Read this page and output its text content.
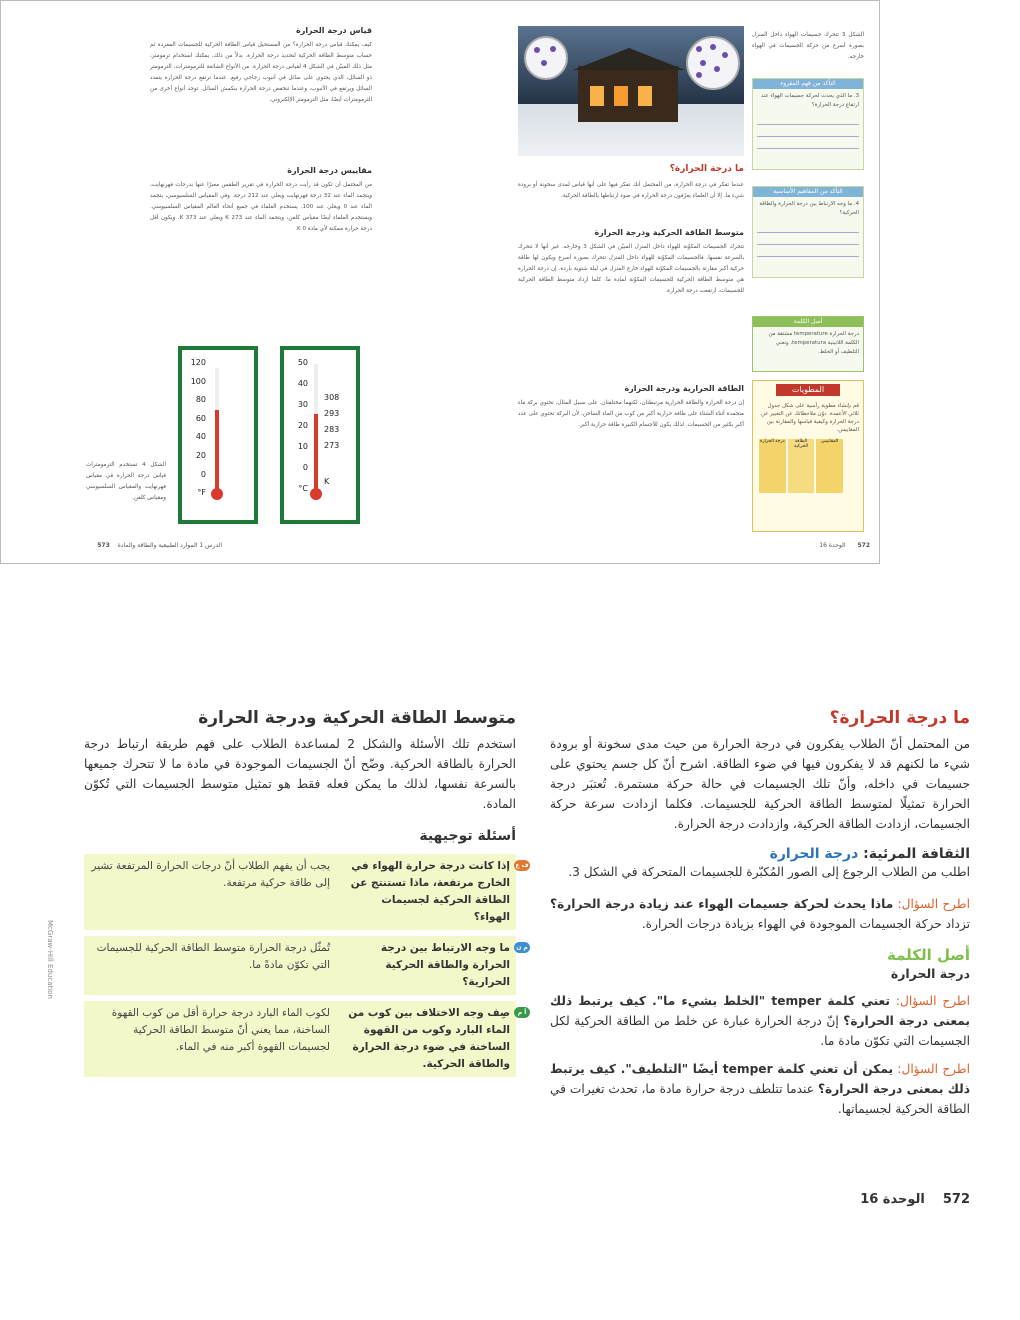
الشكل 3 تتحرك جسيمات الهواء داخل المنزل بصورة أسرع من حركة الجسيمات في الهواء خارجه.
التأكد من فهم المقروء
3. ما الذي يحدث لحركة جسيمات الهواء عند ارتفاع درجة الحرارة؟
التأكد من المفاهيم الأساسية
4. ما وجه الارتباط بين درجة الحرارة والطاقة الحركية؟
أصل الكلمة
درجة الحرارة temperature مشتقة من الكلمة اللاتينية temperatura، وتعني التلطيف أو الخلط.
المطويات
قم بإنشاء مطوية رأسية على شكل جدول ثلاثي الأعمدة. دوّن ملاحظاتك عن التعبير عن درجة الحرارة وكيفية قياسها والمقارنة بين المقاييس.
درجة الحرارة	الطاقة الحركية
المقاييس
ما درجة الحرارة؟
عندما تفكر في درجة الحرارة، من المحتمل أنك تفكر فيها على أنها قياس لمدى سخونة أو برودة شيء ما. إلا أن العلماء يعرّفون درجة الحرارة في ضوء ارتباطها بالطاقة الحركية.
متوسط الطاقة الحركية ودرجة الحرارة
تتحرك الجسيمات المكوّنة للهواء داخل المنزل المبيّن في الشكل 3 وخارجه. غير أنها لا تتحرك بالسرعة نفسها. فالجسيمات المكوّنة للهواء داخل المنزل تتحرك بصورة أسرع ويكون لها طاقة حركية أكبر مقارنة بالجسيمات المكوّنة للهواء خارج المنزل في ليلة شتوية باردة. إن درجة الحرارة هي متوسط الطاقة الحركية للجسيمات المكوّنة لمادة ما. كلما ازداد متوسط الطاقة الحركية للجسيمات، ارتفعت درجة الحرارة.
الطاقة الحرارية ودرجة الحرارة
إن درجة الحرارة والطاقة الحرارية مرتبطتان، لكنهما مختلفتان. على سبيل المثال، تحتوي بركة ماء متجمدة أثناء الشتاء على طاقة حرارية أكبر من كوب من الماء الساخن، لأن البركة تحتوي على عدد أكبر بكثير من الجسيمات. لذلك يكون للأجسام الكبيرة طاقة حرارية أكبر.
قياس درجة الحرارة
كيف يمكنك قياس درجة الحرارة؟ من المستحيل قياس الطاقة الحركية للجسيمات المفردة ثم حساب متوسط الطاقة الحركية لتحديد درجة الحرارة. بدلاً من ذلك، يمكنك استخدام ترمومتر، مثل ذلك المبيّن في الشكل 4 لقياس درجة الحرارة. من الأنواع الشائعة للترمومترات، الترمومتر ذو السائل، الذي يحتوي على سائل في أنبوب زجاجي رفيع. عندما ترتفع درجة الحرارة يتمدد السائل ويرتفع في الأنبوب، وعندما تنخفض درجة الحرارة ينكمش السائل. توجد أنواع أخرى من الترمومترات أيضًا، مثل الترمومتر الإلكتروني.
مقاييس درجة الحرارة
من المحتمل أن تكون قد رأيت درجة الحرارة في تقرير الطقس معبرًا عنها بدرجات فهرنهايت، ويتجمد الماء عند 32 درجة فهرنهايت ويغلي عند 212 درجة. وفي المقياس السلسيوسي، يتجمد الماء عند 0 ويغلي عند 100. يستخدم العلماء في جميع أنحاء العالم المقياس السلسيوسي. ويستخدم العلماء أيضًا مقياس كلفن، ويتجمد الماء عند 273 K ويغلي عند 373 K. ويكون أقل درجة حرارة ممكنة لأي مادة 0 K.
الشكل 4 تستخدم الترمومترات قياس درجة الحرارة في مقياس فهرنهايت والمقياس السلسيوسي ومقياس كلفن.
120
100
80
60
40
20
0
°F
50
40
30
20
10
0
°C
308
293
283
273
K
الدرس 1 الموارد الطبيعية والطاقة والمادة
573	572
الوحدة 16
متوسط الطاقة الحركية ودرجة الحرارة
استخدم تلك الأسئلة والشكل 2 لمساعدة الطلاب على فهم طريقة ارتباط درجة الحرارة بالطاقة الحركية. وضّح أنّ الجسيمات الموجودة في مادة ما لا تتحرك جميعها بالسرعة نفسها، لذلك ما يمكن فعله فقط هو تمثيل متوسط الجسيمات التي تُكوّن المادة.
أسئلة توجيهية
ف ع
إذا كانت درجة حرارة الهواء في الخارج مرتفعة، ماذا تستنتج عن الطاقة الحركية لجسيمات الهواء؟
يجب أن يفهم الطلاب أنّ درجات الحرارة المرتفعة تشير إلى طاقة حركية مرتفعة.
م ن
ما وجه الارتباط بين درجة الحرارة والطاقة الحركية الحرارية؟
تُمثّل درجة الحرارة متوسط الطاقة الحركية للجسيمات التي تكوّن مادةً ما.
أ م
صِف وجه الاختلاف بين كوب من الماء البارد وكوب من القهوة الساخنة في ضوء درجة الحرارة والطاقة الحركية.
لكوب الماء البارد درجة حرارة أقل من كوب القهوة الساخنة، مما يعني أنّ متوسط الطاقة الحركية لجسيمات القهوة أكبر منه في الماء.
ما درجة الحرارة؟
من المحتمل أنّ الطلاب يفكرون في درجة الحرارة من حيث مدى سخونة أو برودة شيء ما لكنهم قد لا يفكرون فيها في ضوء الطاقة. اشرح أنّ كل جسم يحتوي على جسيمات في داخله، وأنّ تلك الجسيمات في حالة حركة مستمرة. تُعتبَر درجة الحرارة تمثيلًا لمتوسط الطاقة الحركية للجسيمات. فكلما ازدادت سرعة حركة الجسيمات، ازدادت الطاقة الحركية، وازدادت درجة الحرارة.
الثقافة المرئية: درجة الحرارة
اطلب من الطلاب الرجوع إلى الصور المُكبّرة للجسيمات المتحركة في الشكل 3.
اطرح السؤال: ماذا يحدث لحركة جسيمات الهواء عند زيادة درجة الحرارة؟ تزداد حركة الجسيمات الموجودة في الهواء بزيادة درجات الحرارة.
أصل الكلمة
درجة الحرارة
اطرح السؤال: تعني كلمة temper "الخلط بشيء ما". كيف يرتبط ذلك بمعنى درجة الحرارة؟ إنّ درجة الحرارة عبارة عن خلط من الطاقة الحركية لكل الجسيمات التي تكوّن مادة ما.
اطرح السؤال: يمكن أن تعني كلمة temper أيضًا "التلطيف". كيف يرتبط ذلك بمعنى درجة الحرارة؟ عندما تتلطف درجة حرارة مادة ما، تحدث تغيرات في الطاقة الحركية لجسيماتها.
McGraw-Hill Education
572
الوحدة 16
